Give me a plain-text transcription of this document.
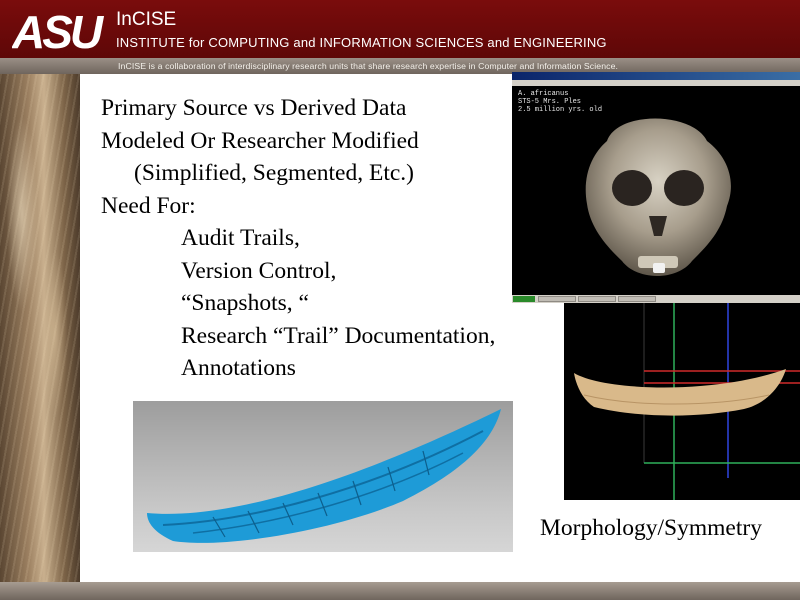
ASU InCISE
INSTITUTE for COMPUTING and INFORMATION SCIENCES and ENGINEERING
InCISE is a collaboration of interdisciplinary research units that share research expertise in Computer and Information Science.
Primary Source vs Derived Data
Modeled Or Researcher Modified
(Simplified, Segmented, Etc.)
Need For:
Audit Trails,
Version Control,
“Snapshots, “
Research “Trail” Documentation,
Annotations
A. africanus
STS-5 Mrs. Ples
2.5 million yrs. old
Morphology/Symmetry
